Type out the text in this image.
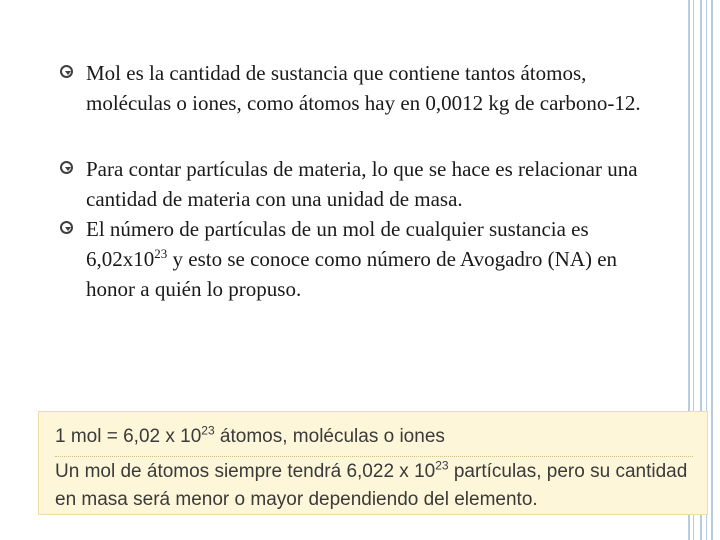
Mol es la cantidad de sustancia que contiene tantos átomos, moléculas o iones, como átomos hay en 0,0012 kg de carbono-12.
Para contar partículas de materia, lo que se hace es relacionar una cantidad de materia con una unidad de masa.
El número de partículas de un mol de cualquier sustancia es $6,02x10^{23}$ y esto se conoce como número de Avogadro (NA) en honor a quién lo propuso.
1 mol = 6,02 x $10^{23}$ átomos, moléculas o iones
Un mol de átomos siempre tendrá 6,022 x $10^{23}$ partículas, pero su cantidad en masa será menor o mayor dependiendo del elemento.
